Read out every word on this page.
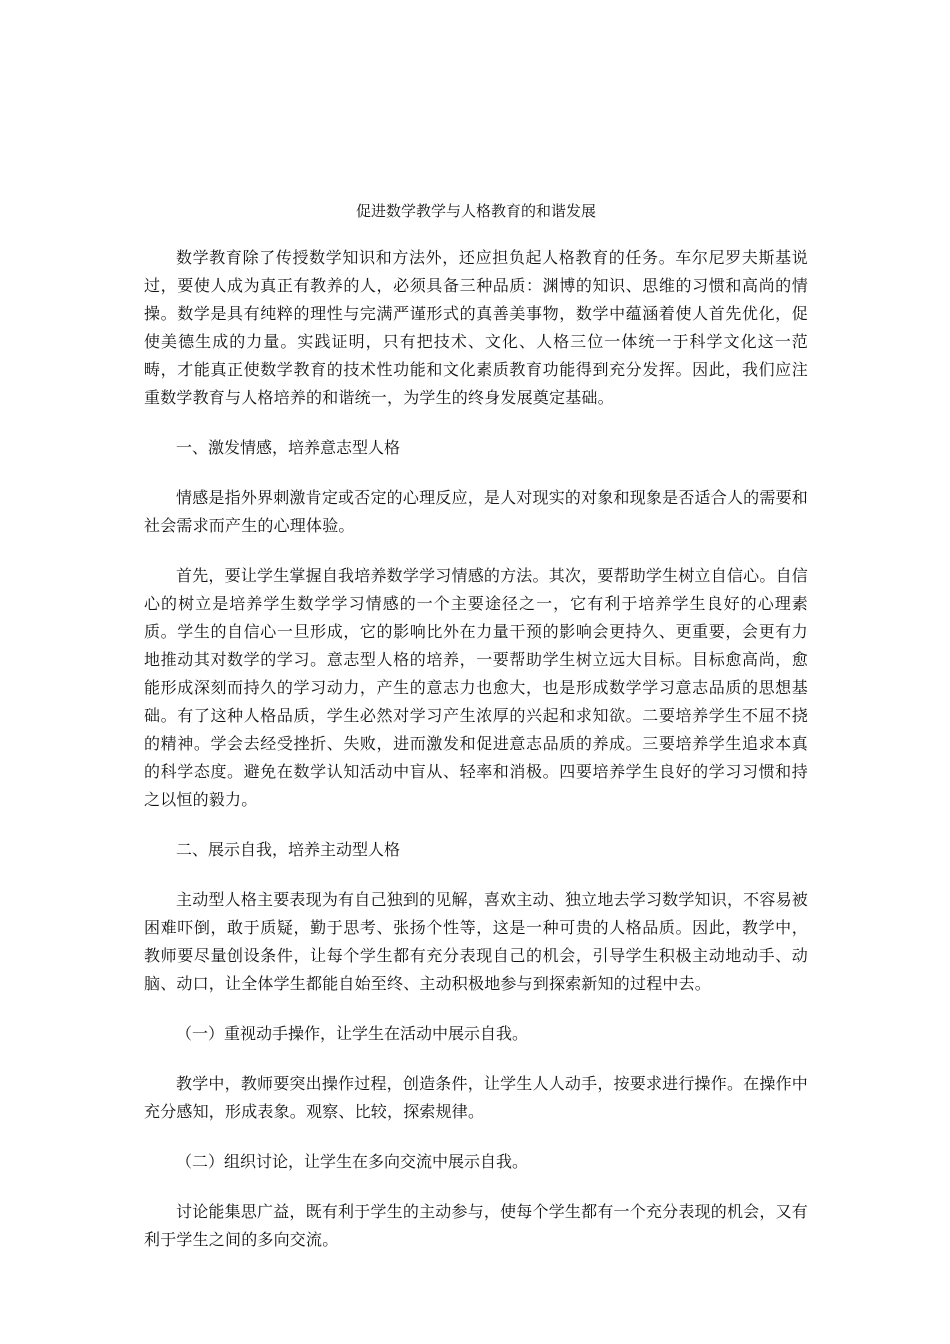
促进数学教学与人格教育的和谐发展

数学教育除了传授数学知识和方法外，还应担负起人格教育的任务。车尔尼罗夫斯基说过，要使人成为真正有教养的人，必须具备三种品质：渊博的知识、思维的习惯和高尚的情操。数学是具有纯粹的理性与完满严谨形式的真善美事物，数学中蕴涵着使人首先优化，促使美德生成的力量。实践证明，只有把技术、文化、人格三位一体统一于科学文化这一范畴，才能真正使数学教育的技术性功能和文化素质教育功能得到充分发挥。因此，我们应注重数学教育与人格培养的和谐统一，为学生的终身发展奠定基础。

一、激发情感，培养意志型人格

情感是指外界刺激肯定或否定的心理反应，是人对现实的对象和现象是否适合人的需要和社会需求而产生的心理体验。

首先，要让学生掌握自我培养数学学习情感的方法。其次，要帮助学生树立自信心。自信心的树立是培养学生数学学习情感的一个主要途径之一，它有利于培养学生良好的心理素质。学生的自信心一旦形成，它的影响比外在力量干预的影响会更持久、更重要，会更有力地推动其对数学的学习。意志型人格的培养，一要帮助学生树立远大目标。目标愈高尚，愈能形成深刻而持久的学习动力，产生的意志力也愈大，也是形成数学学习意志品质的思想基础。有了这种人格品质，学生必然对学习产生浓厚的兴起和求知欲。二要培养学生不屈不挠的精神。学会去经受挫折、失败，进而激发和促进意志品质的养成。三要培养学生追求本真的科学态度。避免在数学认知活动中盲从、轻率和消极。四要培养学生良好的学习习惯和持之以恒的毅力。

二、展示自我，培养主动型人格

主动型人格主要表现为有自己独到的见解，喜欢主动、独立地去学习数学知识，不容易被困难吓倒，敢于质疑，勤于思考、张扬个性等，这是一种可贵的人格品质。因此，教学中，教师要尽量创设条件，让每个学生都有充分表现自己的机会，引导学生积极主动地动手、动脑、动口，让全体学生都能自始至终、主动积极地参与到探索新知的过程中去。

（一）重视动手操作，让学生在活动中展示自我。

教学中，教师要突出操作过程，创造条件，让学生人人动手，按要求进行操作。在操作中充分感知，形成表象。观察、比较，探索规律。

（二）组织讨论，让学生在多向交流中展示自我。

讨论能集思广益，既有利于学生的主动参与，使每个学生都有一个充分表现的机会，又有利于学生之间的多向交流。
